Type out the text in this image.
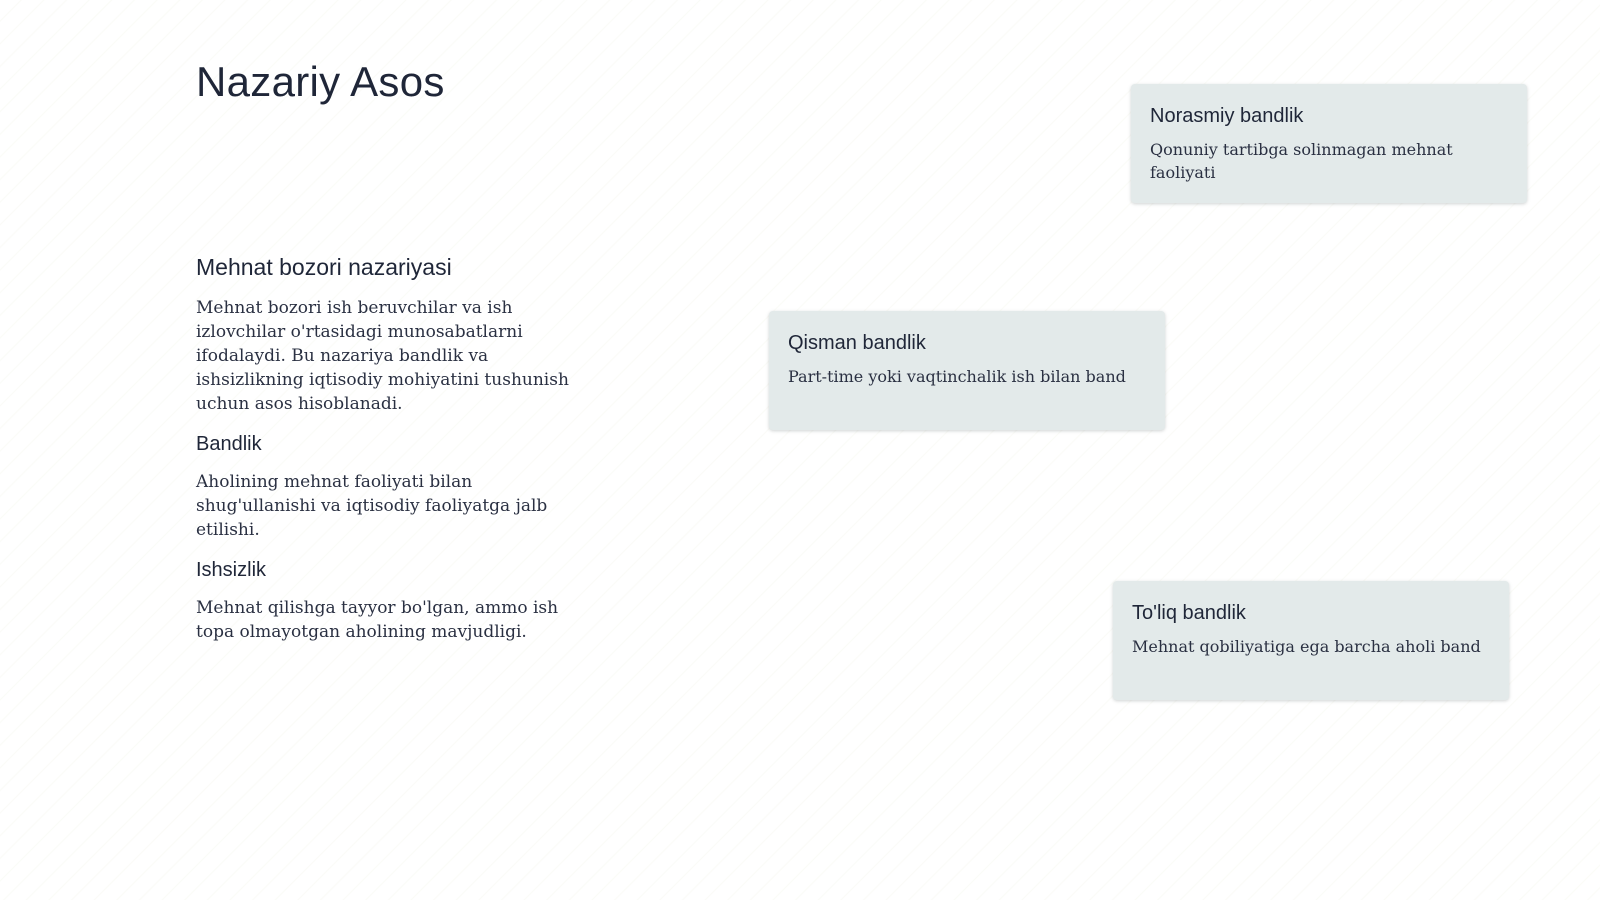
Nazariy Asos
Mehnat bozori nazariyasi

Mehnat bozori ish beruvchilar va ish izlovchilar o'rtasidagi munosabatlarni ifodalaydi. Bu nazariya bandlik va ishsizlikning iqtisodiy mohiyatini tushunish uchun asos hisoblanadi.

Bandlik

Aholining mehnat faoliyati bilan shug'ullanishi va iqtisodiy faoliyatga jalb etilishi.

Ishsizlik

Mehnat qilishga tayyor bo'lgan, ammo ish topa olmayotgan aholining mavjudligi.

Norasmiy bandlik

Qonuniy tartibga solinmagan mehnat faoliyati

Qisman bandlik

Part-time yoki vaqtinchalik ish bilan band

To'liq bandlik

Mehnat qobiliyatiga ega barcha aholi band
